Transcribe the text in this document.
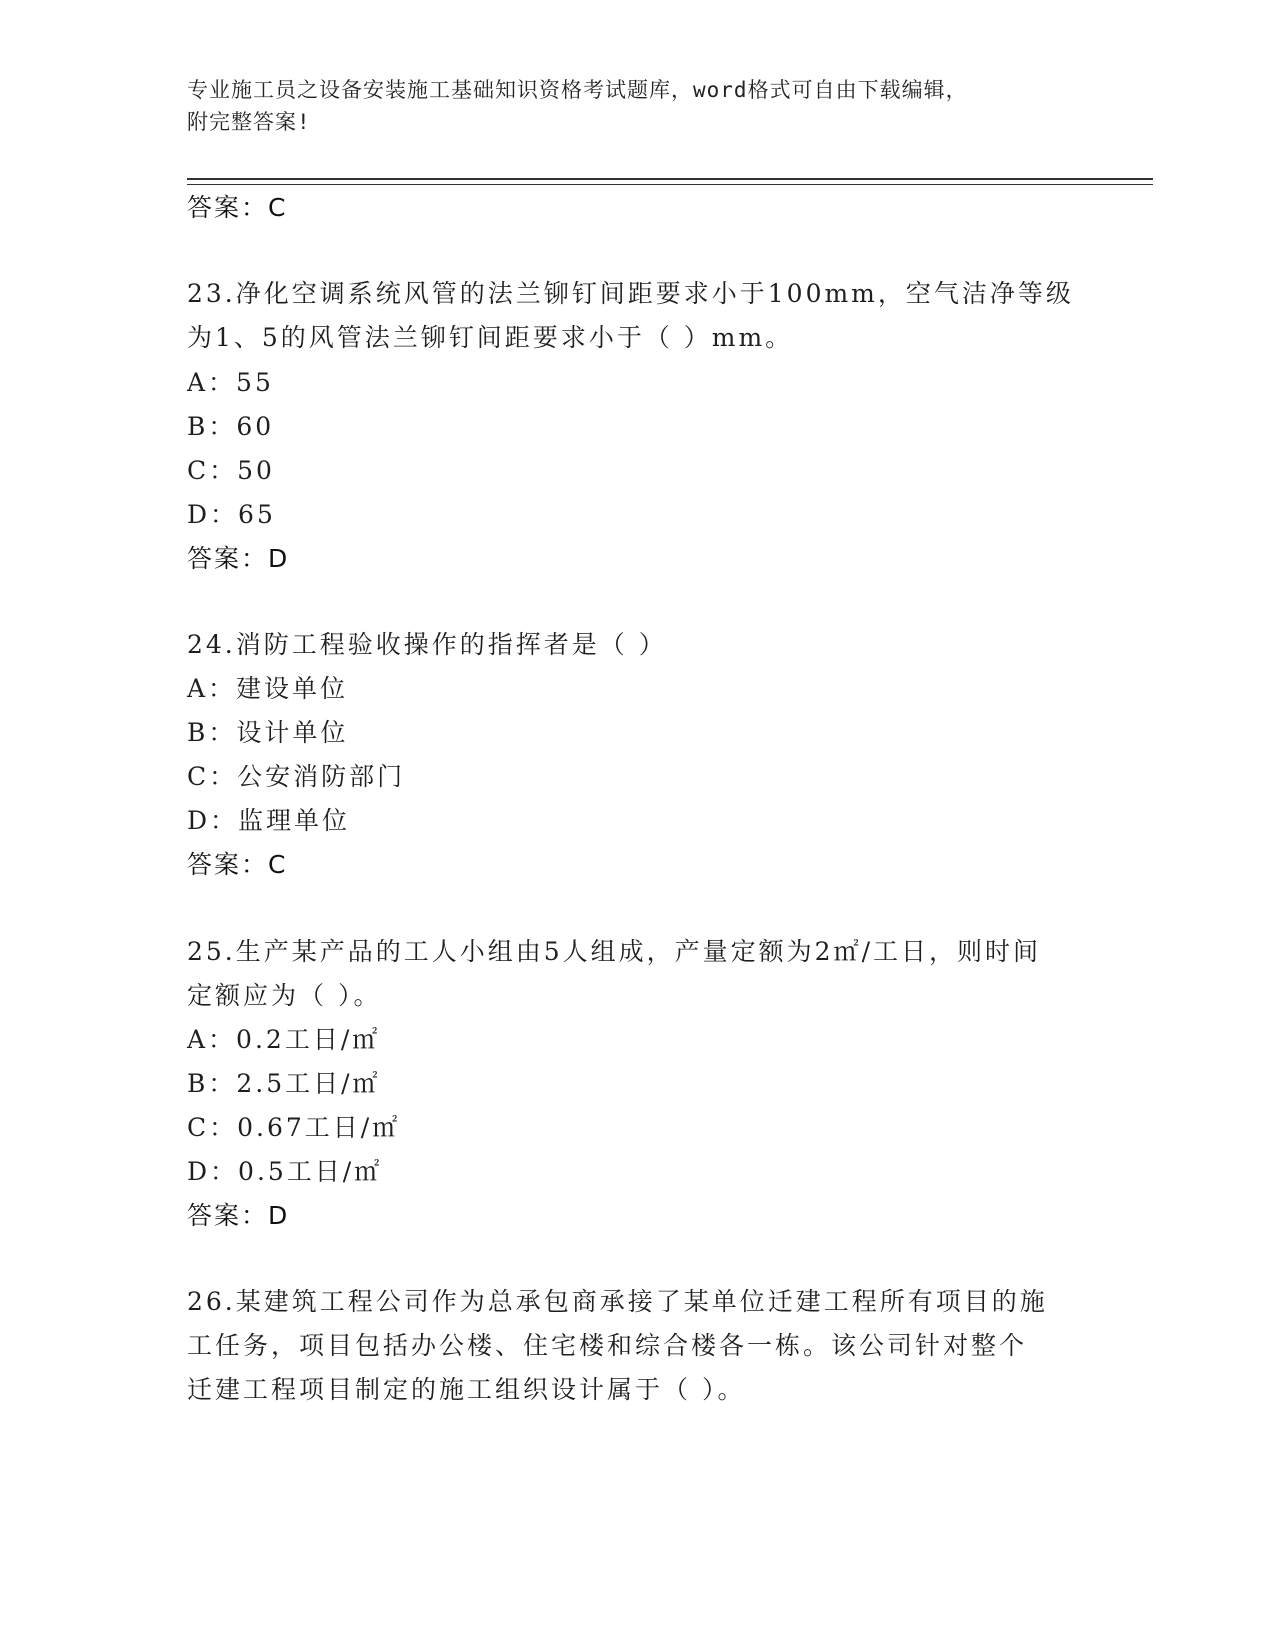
专业施工员之设备安装施工基础知识资格考试题库，word格式可自由下载编辑，
附完整答案!
答案：C
23.净化空调系统风管的法兰铆钉间距要求小于100mm，空气洁净等级
为1、5的风管法兰铆钉间距要求小于（ ）mm。
A：55
B：60
C：50
D：65
答案：D
24.消防工程验收操作的指挥者是（ ）
A：建设单位
B：设计单位
C：公安消防部门
D：监理单位
答案：C
25.生产某产品的工人小组由5人组成，产量定额为2㎡/工日，则时间
定额应为（ ）。
A：0.2工日/㎡
B：2.5工日/㎡
C：0.67工日/㎡
D：0.5工日/㎡
答案：D
26.某建筑工程公司作为总承包商承接了某单位迁建工程所有项目的施
工任务，项目包括办公楼、住宅楼和综合楼各一栋。该公司针对整个
迁建工程项目制定的施工组织设计属于（ ）。
